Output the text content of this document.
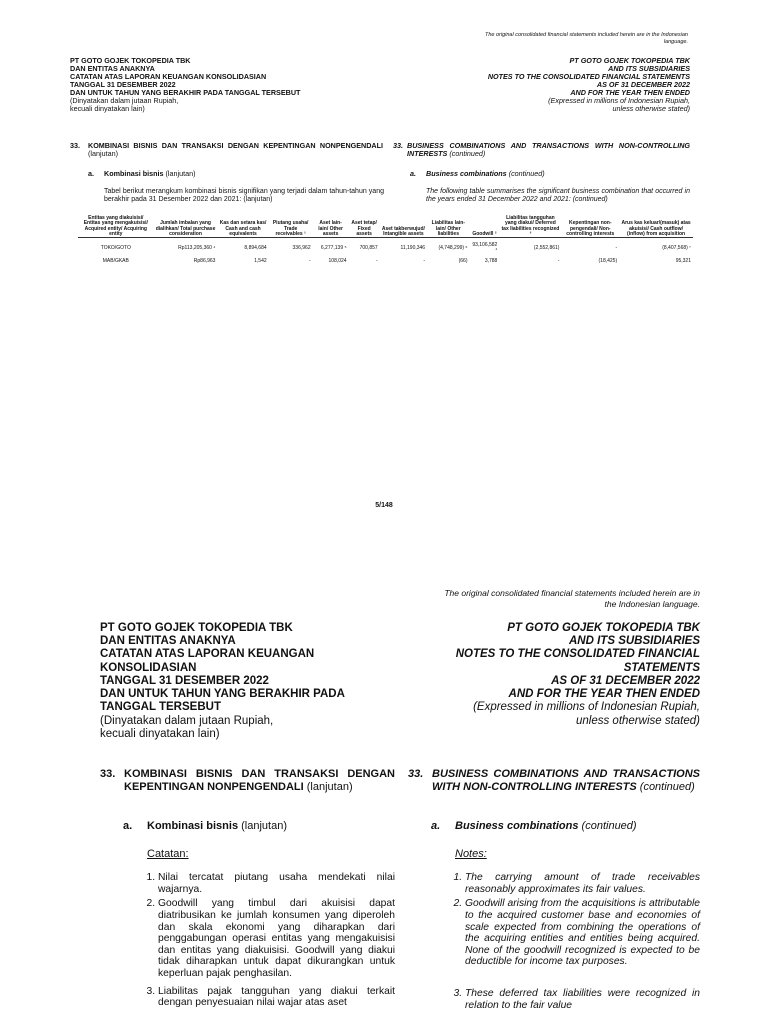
The original consolidated financial statements included herein are in the Indonesian language.
PT GOTO GOJEK TOKOPEDIA TBK
DAN ENTITAS ANAKNYA
CATATAN ATAS LAPORAN KEUANGAN KONSOLIDASIAN
TANGGAL 31 DESEMBER 2022
DAN UNTUK TAHUN YANG BERAKHIR PADA TANGGAL TERSEBUT
(Dinyatakan dalam jutaan Rupiah,
kecuali dinyatakan lain)
PT GOTO GOJEK TOKOPEDIA TBK
AND ITS SUBSIDIARIES
NOTES TO THE CONSOLIDATED FINANCIAL STATEMENTS
AS OF 31 DECEMBER 2022
AND FOR THE YEAR THEN ENDED
(Expressed in millions of Indonesian Rupiah,
unless otherwise stated)
33.	KOMBINASI BISNIS DAN TRANSAKSI DENGAN KEPENTINGAN NONPENGENDALI (lanjutan)
33. BUSINESS COMBINATIONS AND TRANSACTIONS WITH NON-CONTROLLING INTERESTS (continued)
a. Kombinasi bisnis (lanjutan)	a. Business combinations (continued)
Tabel berikut merangkum kombinasi bisnis signifikan yang terjadi dalam tahun-tahun yang berakhir pada 31 Desember 2022 dan 2021: (lanjutan)
The following table summarises the significant business combination that occurred in the years ended 31 December 2022 and 2021: (continued)
Entitas yang diakuisisi/ Entitas yang mengakuisisi/ Acquired entity/ Acquiring entity	Jumlah imbalan yang dialihkan/ Total purchase consideration	Kas dan setara kas/ Cash and cash equivalents	Piutang usaha/ Trade receivables ¹	Aset lain-lain/ Other assets	Aset tetap/ Fixed assets	Aset takberwujud/ Intangible assets	Liabilitas lain-lain/ Other liabilities	Goodwill ²	Liabilitas tangguhan yang diakui/ Deferred tax liabilities recognized ³	Kepentingan non-pengendali/ Non-controlling interests	Arus kas keluar/(masuk) atas akuisisi/ Cash outflow/ (inflow) from acquisition
TOKO/GOTO	Rp113,205,360 ⁴	8,894,684	336,962	6,277,139 ⁵	700,857	11,190,346	(4,748,299) ⁶	93,106,582 ⁴	(2,552,861)	-	(8,407,568) ⁷
MAB/GKAB	Rp86,963	1,542	-	108,024	-	-	(66)	3,788	-	(18,425)	95,321
5/148
The original consolidated financial statements included herein are in the Indonesian language.
PT GOTO GOJEK TOKOPEDIA TBK
DAN ENTITAS ANAKNYA
CATATAN ATAS LAPORAN KEUANGAN KONSOLIDASIAN
TANGGAL 31 DESEMBER 2022
DAN UNTUK TAHUN YANG BERAKHIR PADA TANGGAL TERSEBUT
(Dinyatakan dalam jutaan Rupiah,
kecuali dinyatakan lain)
PT GOTO GOJEK TOKOPEDIA TBK
AND ITS SUBSIDIARIES
NOTES TO THE CONSOLIDATED FINANCIAL STATEMENTS
AS OF 31 DECEMBER 2022
AND FOR THE YEAR THEN ENDED
(Expressed in millions of Indonesian Rupiah,
unless otherwise stated)
33. KOMBINASI BISNIS DAN TRANSAKSI DENGAN KEPENTINGAN NONPENGENDALI (lanjutan)
33. BUSINESS COMBINATIONS AND TRANSACTIONS WITH NON-CONTROLLING INTERESTS (continued)
a. Kombinasi bisnis (lanjutan)	a. Business combinations (continued)
Catatan:	Notes:
1. Nilai tercatat piutang usaha mendekati nilai wajarnya.
2. Goodwill yang timbul dari akuisisi dapat diatribusikan ke jumlah konsumen yang diperoleh dan skala ekonomi yang diharapkan dari penggabungan operasi entitas yang mengakuisisi dan entitas yang diakuisisi. Goodwill yang diakui tidak diharapkan untuk dapat dikurangkan untuk keperluan pajak penghasilan.
3. Liabilitas pajak tangguhan yang diakui terkait dengan penyesuaian nilai wajar atas aset
1. The carrying amount of trade receivables reasonably approximates its fair values.
2. Goodwill arising from the acquisitions is attributable to the acquired customer base and economies of scale expected from combining the operations of the acquiring entities and entities being acquired. None of the goodwill recognized is expected to be deductible for income tax purposes.
3. These deferred tax liabilities were recognized in relation to the fair value
